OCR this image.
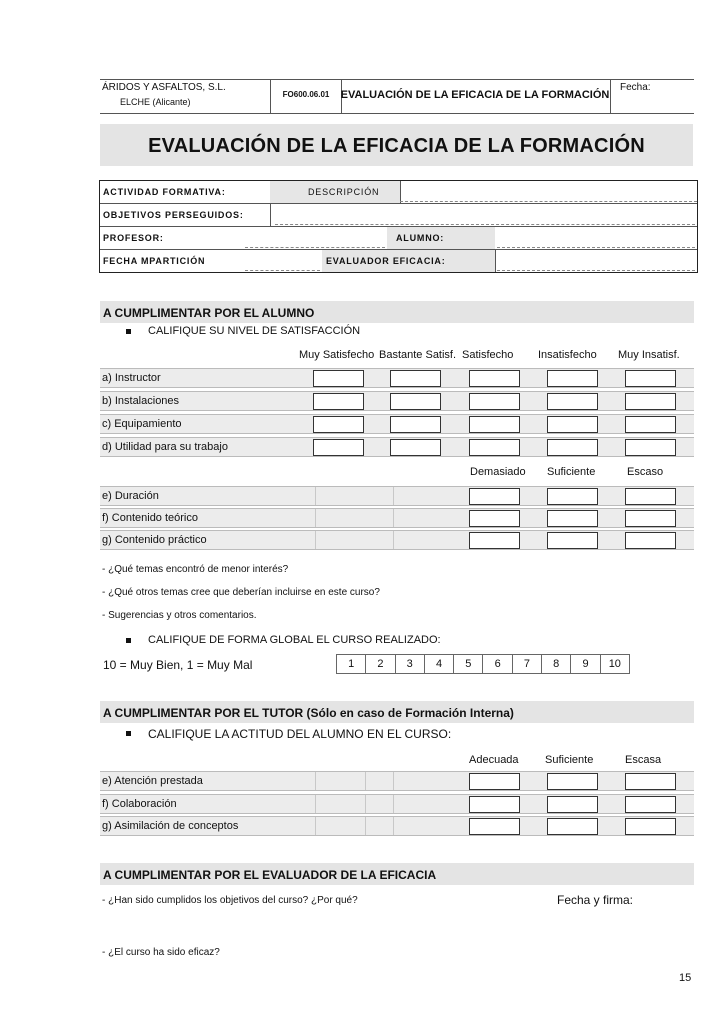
ÁRIDOS Y ASFALTOS, S.L.
ELCHE (Alicante)
FO600.06.01	EVALUACIÓN DE LA EFICACIA DE LA FORMACIÓN
Fecha:
EVALUACIÓN DE LA EFICACIA DE LA FORMACIÓN
ACTIVIDAD FORMATIVA:	DESCRIPCIÓN
OBJETIVOS PERSEGUIDOS:
PROFESOR:	ALUMNO:
FECHA MPARTICIÓN	EVALUADOR EFICACIA:
A CUMPLIMENTAR POR EL ALUMNO
CALIFIQUE SU NIVEL DE SATISFACCIÓN
Muy Satisfecho Bastante Satisf. Satisfecho Insatisfecho Muy Insatisf.
a) Instructor
b) Instalaciones
c) Equipamiento
d) Utilidad para su trabajo
Demasiado Suficiente	Escaso
e) Duración
f) Contenido teórico
g) Contenido práctico
- ¿Qué temas encontró de menor interés?
- ¿Qué otros temas cree que deberían incluirse en este curso?
- Sugerencias y otros comentarios.
CALIFIQUE DE FORMA GLOBAL EL CURSO REALIZADO:
10 = Muy Bien, 1 = Muy Mal	1	2	3	4	5	6	7	8	9	10
A CUMPLIMENTAR POR EL TUTOR (Sólo en caso de Formación Interna)
CALIFIQUE LA ACTITUD DEL ALUMNO EN EL CURSO:
Adecuada Suficiente	Escasa
e) Atención prestada
f) Colaboración
g) Asimilación de conceptos
A CUMPLIMENTAR POR EL EVALUADOR DE LA EFICACIA
- ¿Han sido cumplidos los objetivos del curso? ¿Por qué?	Fecha y firma:
- ¿El curso ha sido eficaz?
15
